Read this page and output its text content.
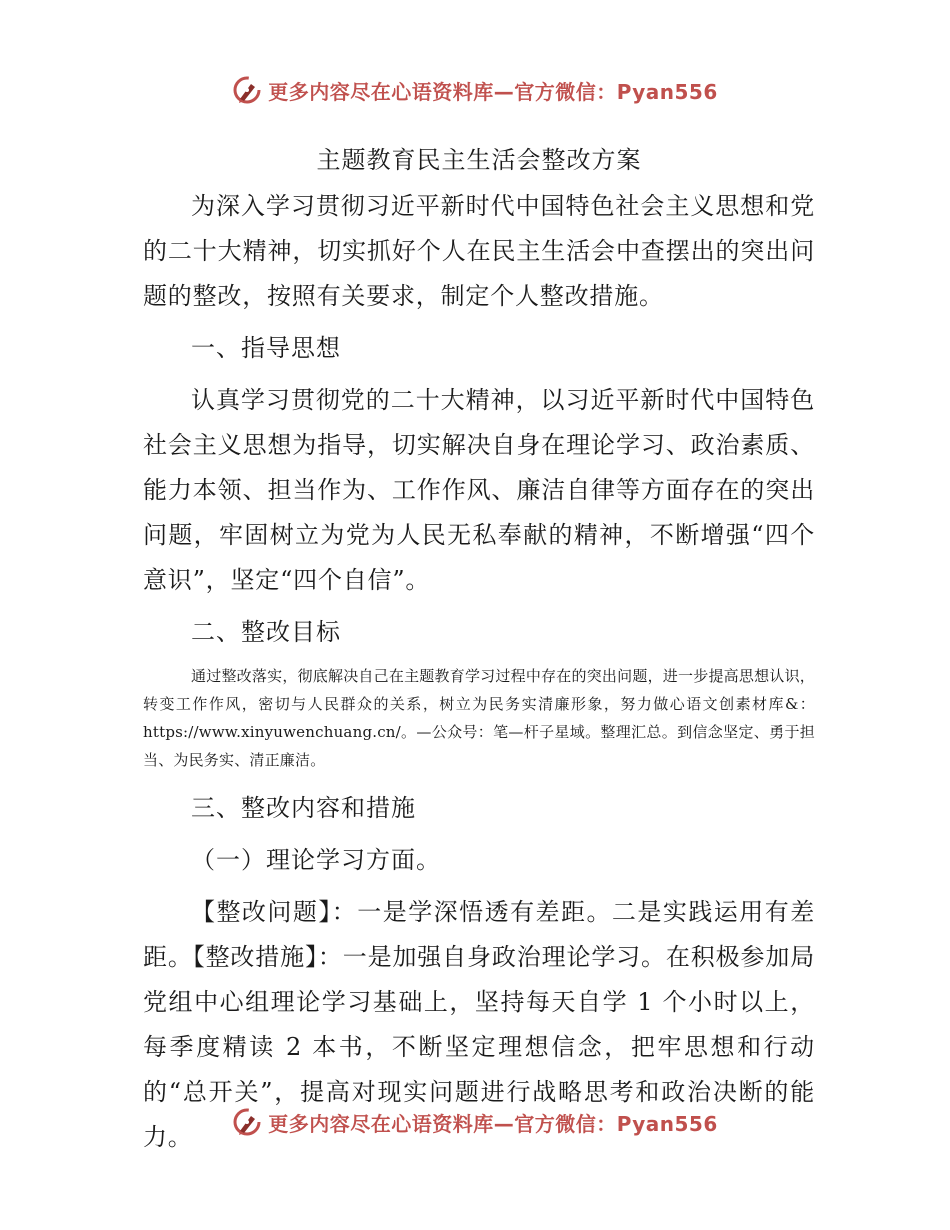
更多内容尽在心语资料库—官方微信：Pyan556
主题教育民主生活会整改方案

为深入学习贯彻习近平新时代中国特色社会主义思想和党的二十大精神，切实抓好个人在民主生活会中查摆出的突出问题的整改，按照有关要求，制定个人整改措施。

一、指导思想

认真学习贯彻党的二十大精神，以习近平新时代中国特色社会主义思想为指导，切实解决自身在理论学习、政治素质、能力本领、担当作为、工作作风、廉洁自律等方面存在的突出问题，牢固树立为党为人民无私奉献的精神，不断增强“四个意识”，坚定“四个自信”。

二、整改目标

通过整改落实，彻底解决自己在主题教育学习过程中存在的突出问题，进一步提高思想认识，转变工作作风，密切与人民群众的关系，树立为民务实清廉形象，努力做心语文创素材库&：https://www.xinyuwenchuang.cn/。—公众号：笔—杆子星域。整理汇总。到信念坚定、勇于担当、为民务实、清正廉洁。

三、整改内容和措施

（一）理论学习方面。

【整改问题】：一是学深悟透有差距。二是实践运用有差距。【整改措施】：一是加强自身政治理论学习。在积极参加局党组中心组理论学习基础上，坚持每天自学 1 个小时以上，每季度精读 2 本书，不断坚定理想信念，把牢思想和行动的“总开关”，提高对现实问题进行战略思考和政治决断的能力。	更多内容尽在心语资料库—官方微信：Pyan556
